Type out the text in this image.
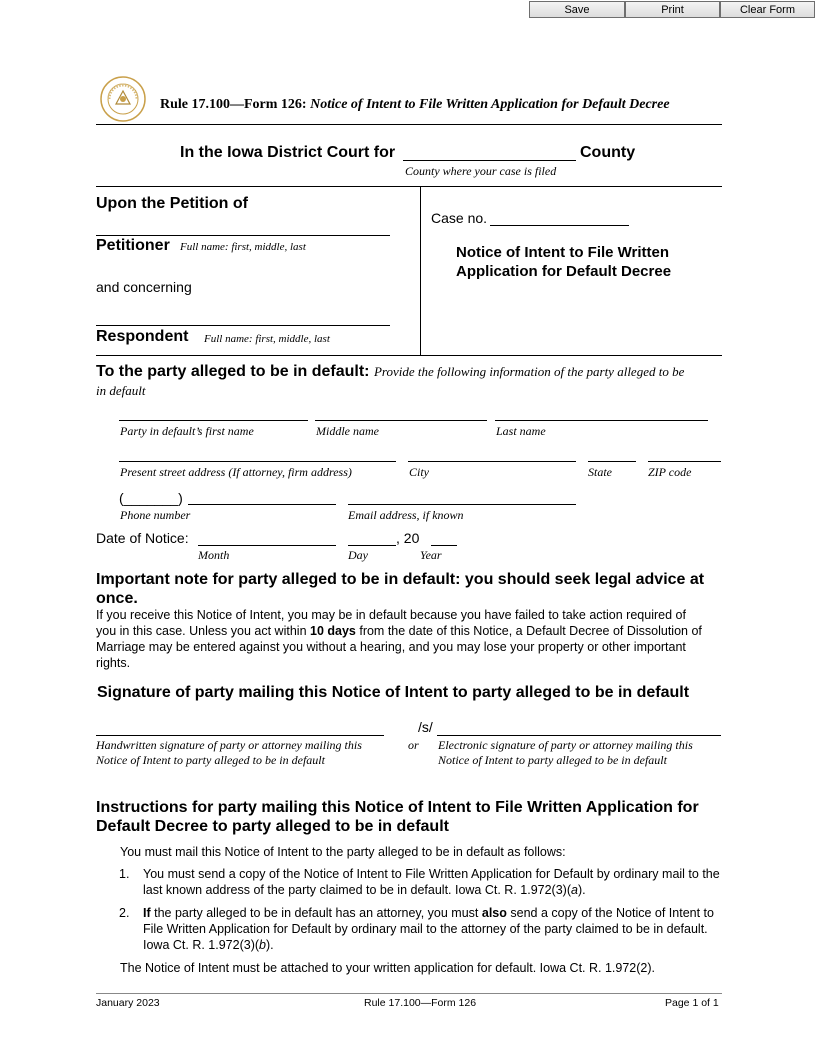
Save	Print	Clear Form
Rule 17.100—Form 126: Notice of Intent to File Written Application for Default Decree
In the Iowa District Court for	County
County where your case is filed
Upon the Petition of
Petitioner Full name: first, middle, last
and concerning
Respondent Full name: first, middle, last
Case no.
Notice of Intent to File Written
Application for Default Decree
To the party alleged to be in default: Provide the following information of the party alleged to be
in default
Party in default’s first name	Middle name	Last name
Present street address (If attorney, firm address)	City	State	ZIP code
(_______)
Phone number	Email address, if known
Date of Notice:	, 20
Month	Day	Year
Important note for party alleged to be in default: you should seek legal advice at once.
If you receive this Notice of Intent, you may be in default because you have failed to take action required of you in this case. Unless you act within 10 days from the date of this Notice, a Default Decree of Dissolution of Marriage may be entered against you without a hearing, and you may lose your property or other important rights.
Signature of party mailing this Notice of Intent to party alleged to be in default
/s/
Handwritten signature of party or attorney mailing this Notice of Intent to party alleged to be in default
or Electronic signature of party or attorney mailing this Notice of Intent to party alleged to be in default
Instructions for party mailing this Notice of Intent to File Written Application for Default Decree to party alleged to be in default
You must mail this Notice of Intent to the party alleged to be in default as follows:
1. You must send a copy of the Notice of Intent to File Written Application for Default by ordinary mail to the last known address of the party claimed to be in default. Iowa Ct. R. 1.972(3)(a).
2. If the party alleged to be in default has an attorney, you must also send a copy of the Notice of Intent to File Written Application for Default by ordinary mail to the attorney of the party claimed to be in default. Iowa Ct. R. 1.972(3)(b).
The Notice of Intent must be attached to your written application for default. Iowa Ct. R. 1.972(2).
January 2023	Rule 17.100—Form 126	Page 1 of 1
